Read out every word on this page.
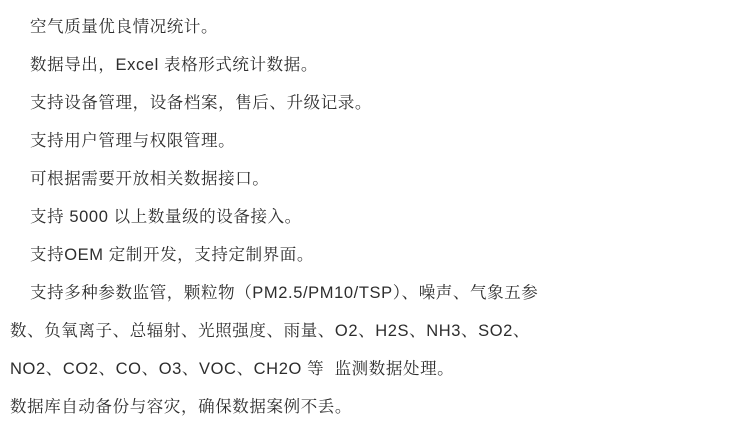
空气质量优良情况统计。
数据导出，Excel 表格形式统计数据。
支持设备管理，设备档案，售后、升级记录。
支持用户管理与权限管理。
可根据需要开放相关数据接口。
支持 5000 以上数量级的设备接入。
支持OEM 定制开发，支持定制界面。
支持多种参数监管，颗粒物（PM2.5/PM10/TSP）、噪声、气象五参
数、负氧离子、总辐射、光照强度、雨量、O2、H2S、NH3、SO2、
NO2、CO2、CO、O3、VOC、CH2O 等  监测数据处理。
数据库自动备份与容灾，确保数据案例不丢。
